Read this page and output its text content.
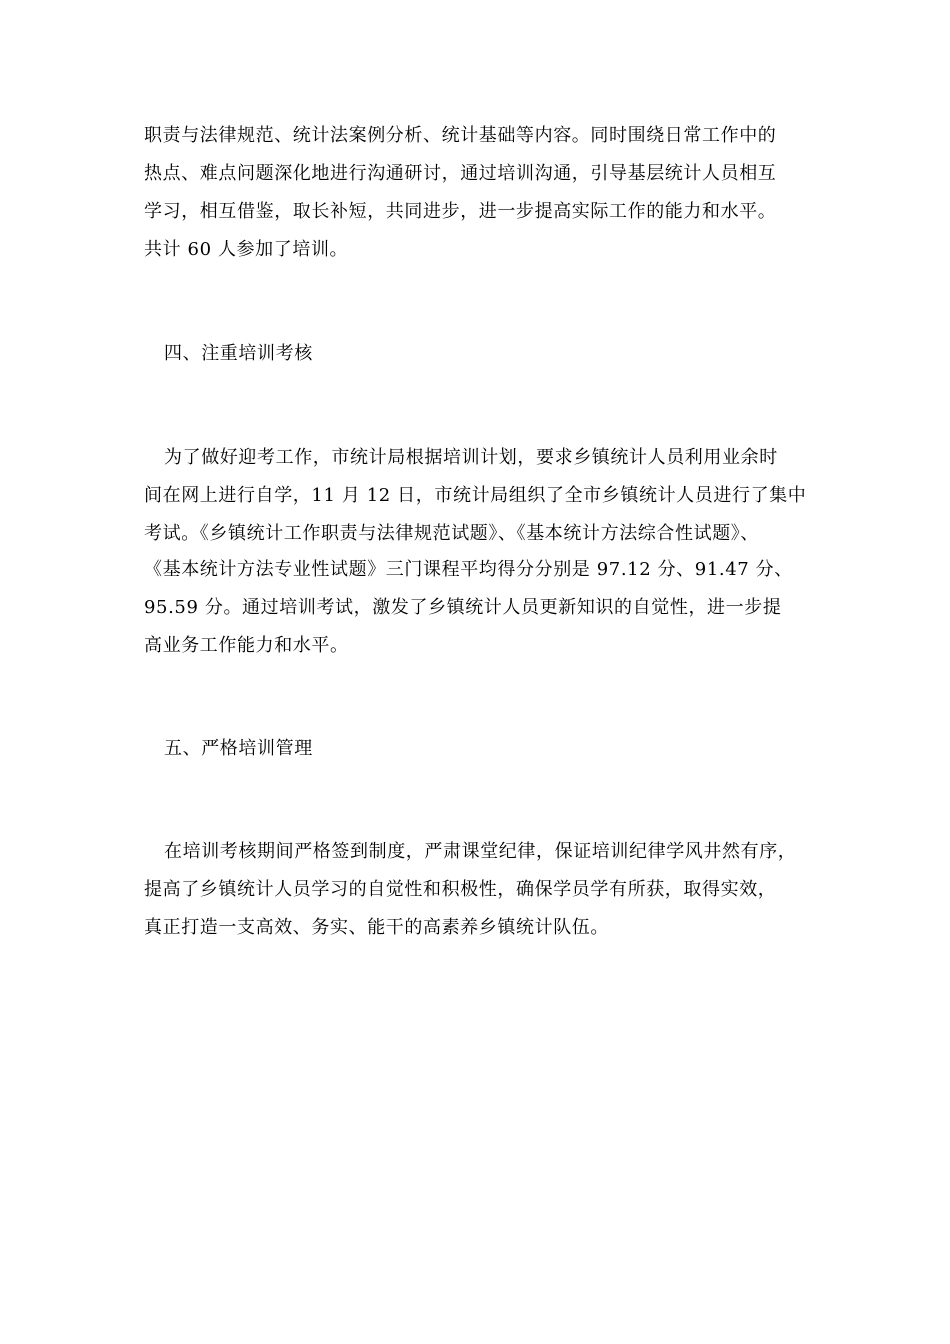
职责与法律规范、统计法案例分析、统计基础等内容。同时围绕日常工作中的
热点、难点问题深化地进行沟通研讨，通过培训沟通，引导基层统计人员相互
学习，相互借鉴，取长补短，共同进步，进一步提高实际工作的能力和水平。
共计 60 人参加了培训。
四、注重培训考核
为了做好迎考工作，市统计局根据培训计划，要求乡镇统计人员利用业余时
间在网上进行自学，11 月 12 日，市统计局组织了全市乡镇统计人员进行了集中
考试。《乡镇统计工作职责与法律规范试题》、《基本统计方法综合性试题》、
《基本统计方法专业性试题》三门课程平均得分分别是 97.12 分、91.47 分、
95.59 分。通过培训考试，激发了乡镇统计人员更新知识的自觉性，进一步提
高业务工作能力和水平。
五、严格培训管理
在培训考核期间严格签到制度，严肃课堂纪律，保证培训纪律学风井然有序，
提高了乡镇统计人员学习的自觉性和积极性，确保学员学有所获，取得实效，
真正打造一支高效、务实、能干的高素养乡镇统计队伍。
